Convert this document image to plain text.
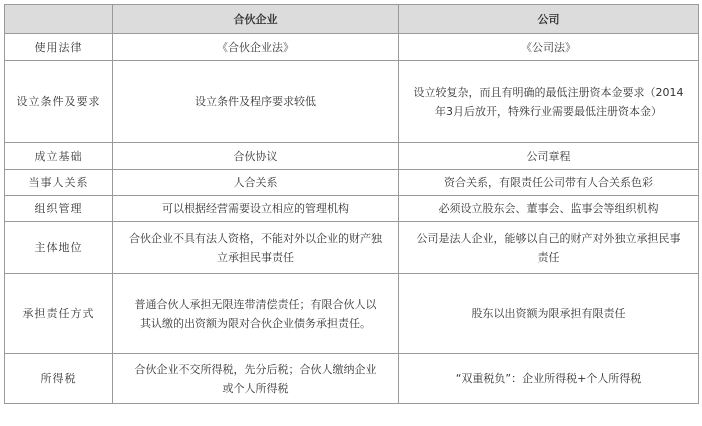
	合伙企业	公司
使用法律	《合伙企业法》	《公司法》
设立条件及要求	设立条件及程序要求较低	设立较复杂，而且有明确的最低注册资本金要求（2014年3月后放开，特殊行业需要最低注册资本金）
成立基础	合伙协议	公司章程
当事人关系	人合关系	资合关系，有限责任公司带有人合关系色彩
组织管理	可以根据经营需要设立相应的管理机构	必须设立股东会、董事会、监事会等组织机构
主体地位	合伙企业不具有法人资格，不能对外以企业的财产独立承担民事责任	公司是法人企业，能够以自己的财产对外独立承担民事责任
承担责任方式	普通合伙人承担无限连带清偿责任；有限合伙人以其认缴的出资额为限对合伙企业债务承担责任。	股东以出资额为限承担有限责任
所得税	合伙企业不交所得税，先分后税；合伙人缴纳企业或个人所得税	“双重税负”：企业所得税+个人所得税
